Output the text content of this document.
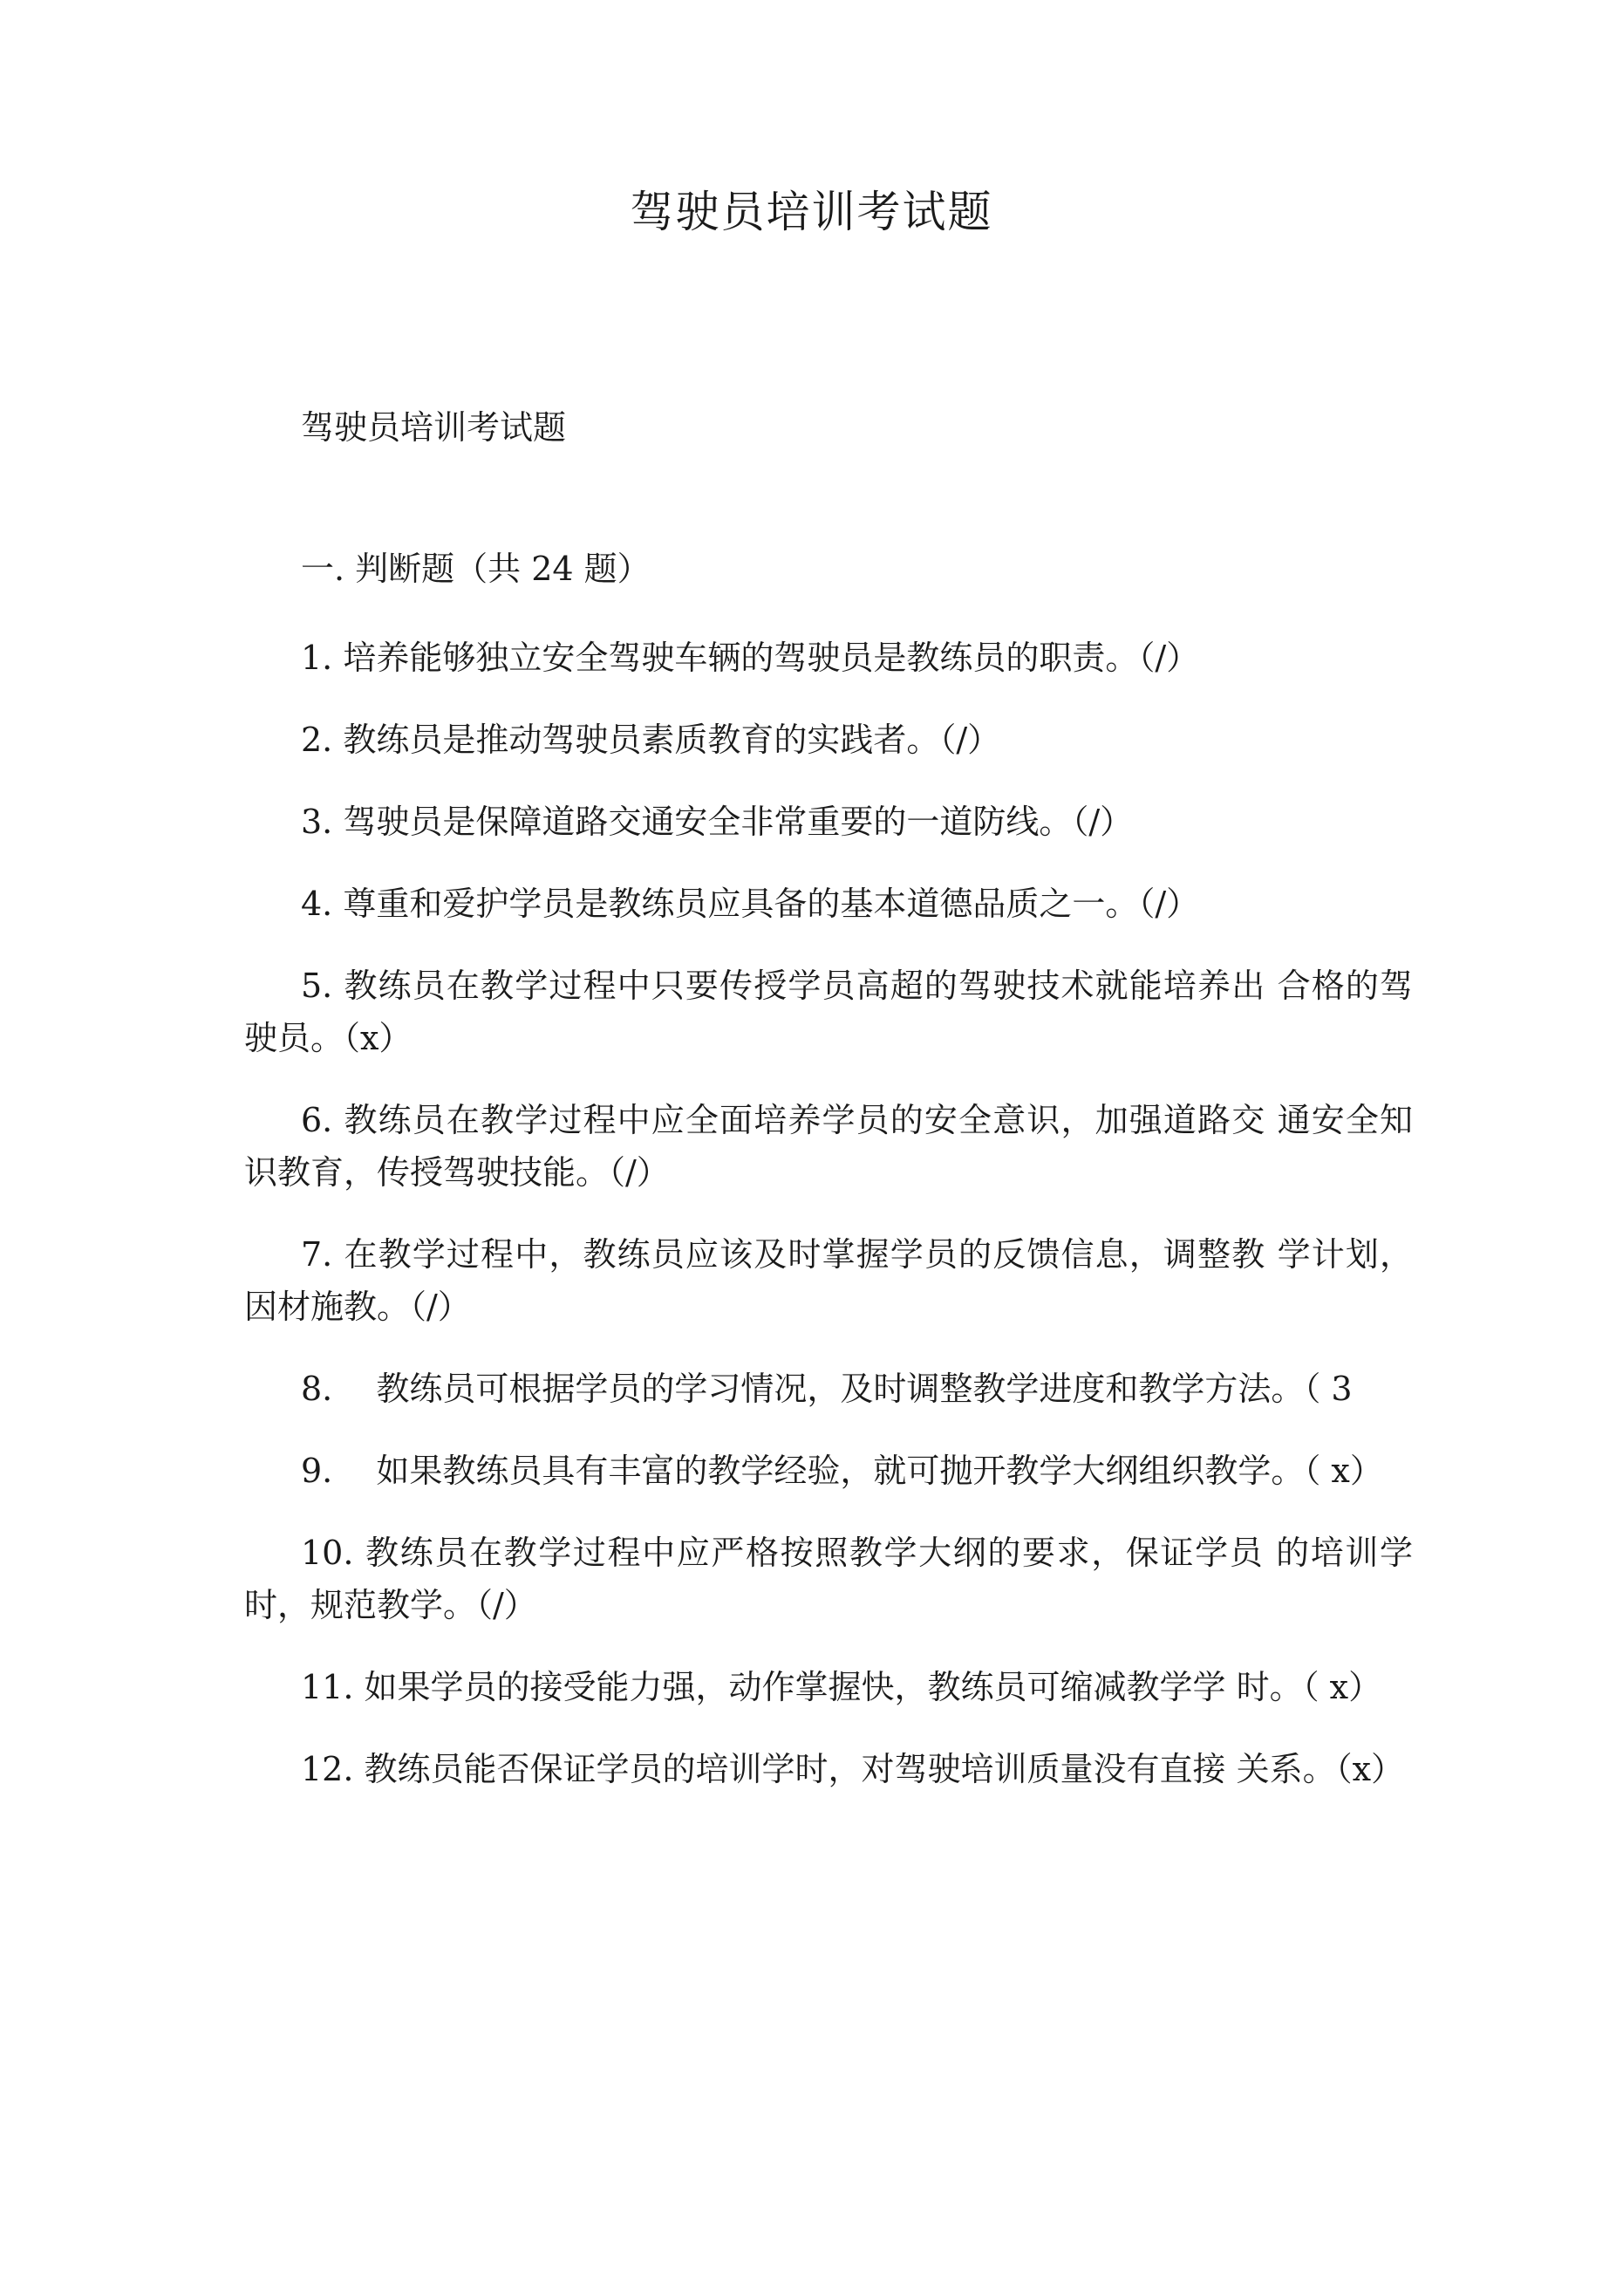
驾驶员培训考试题
驾驶员培训考试题
一. 判断题（共 24 题）

1. 培养能够独立安全驾驶车辆的驾驶员是教练员的职责。（/）

2. 教练员是推动驾驶员素质教育的实践者。（/）

3. 驾驶员是保障道路交通安全非常重要的一道防线。（/）

4. 尊重和爱护学员是教练员应具备的基本道德品质之一。（/）

5. 教练员在教学过程中只要传授学员高超的驾驶技术就能培养出 合格的驾驶员。（x）

6. 教练员在教学过程中应全面培养学员的安全意识，加强道路交 通安全知识教育，传授驾驶技能。（/）

7. 在教学过程中，教练员应该及时掌握学员的反馈信息，调整教 学计划，因材施教。（/）

8.　 教练员可根据学员的学习情况，及时调整教学进度和教学方法。（ 3

9.　 如果教练员具有丰富的教学经验，就可抛开教学大纲组织教学。（ x）

10. 教练员在教学过程中应严格按照教学大纲的要求，保证学员 的培训学时，规范教学。（/）

11. 如果学员的接受能力强，动作掌握快，教练员可缩减教学学 时。（ x）

12. 教练员能否保证学员的培训学时，对驾驶培训质量没有直接 关系。（x）
